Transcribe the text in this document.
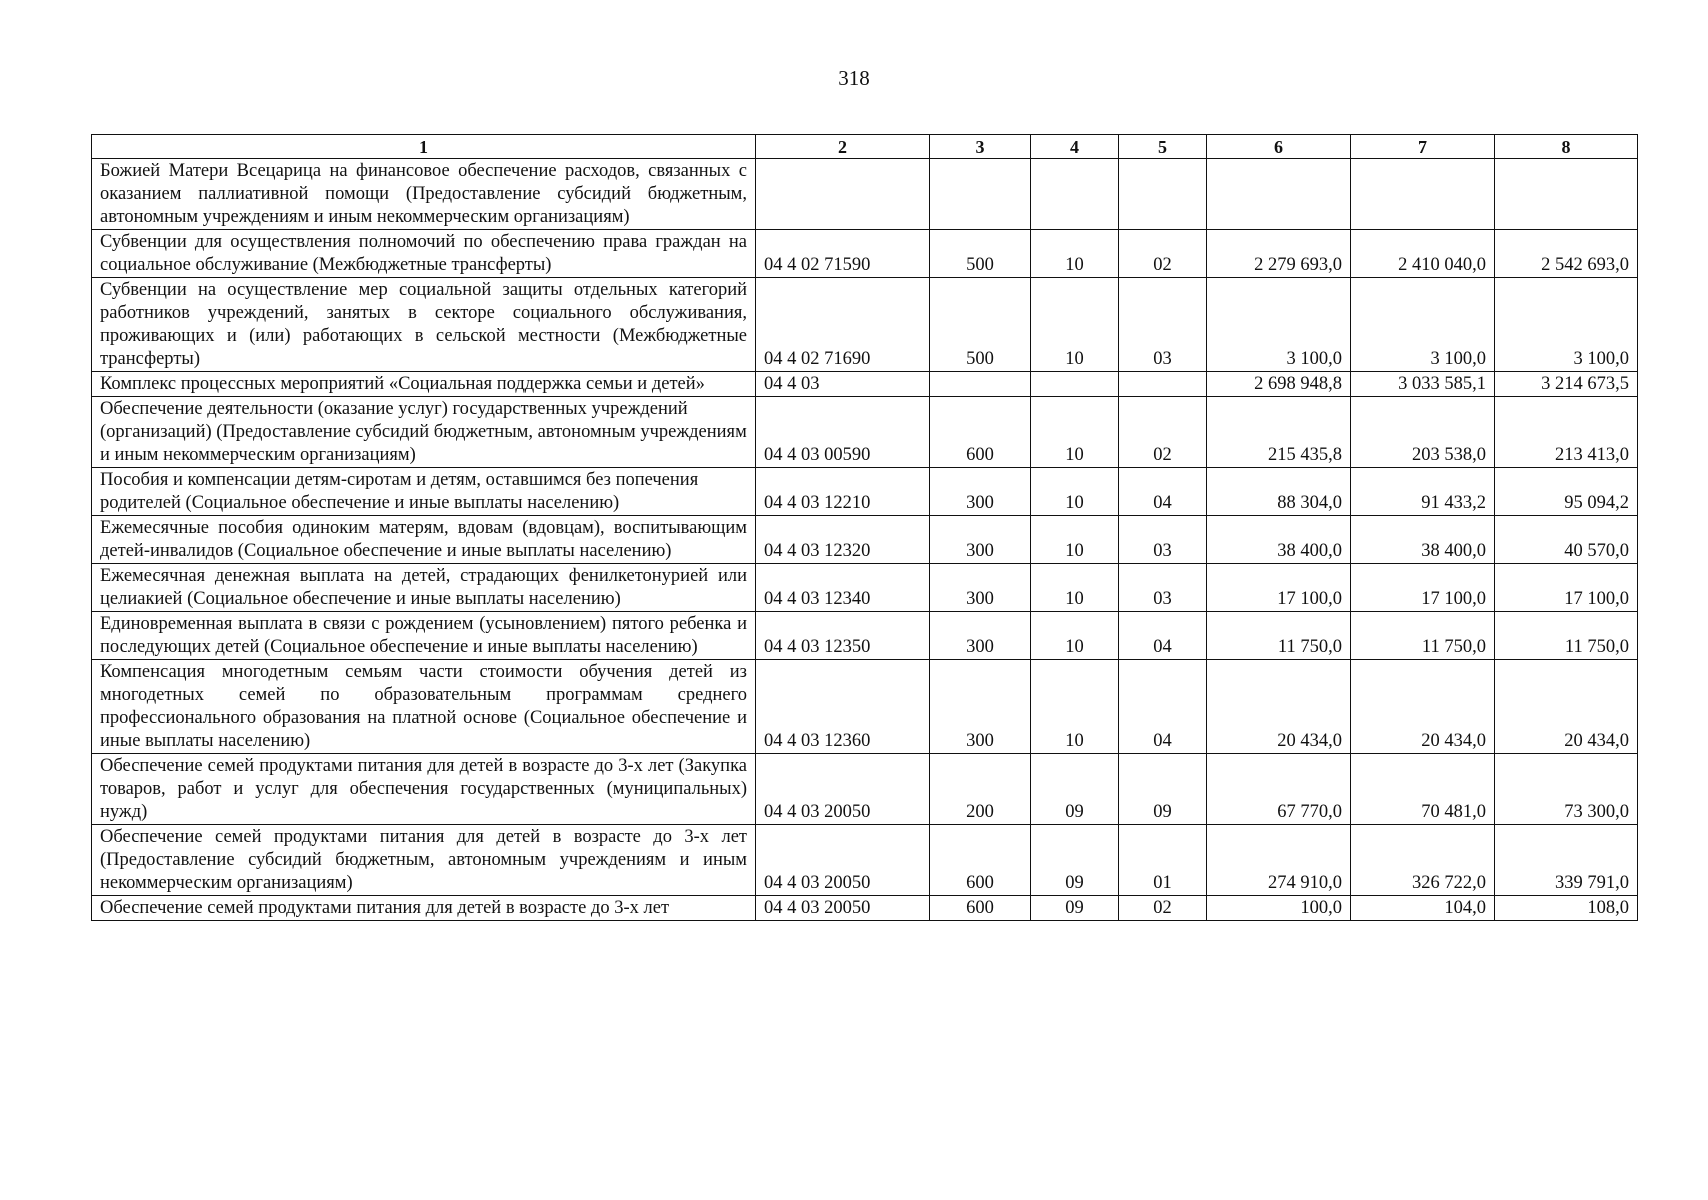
318
1	2	3	4	5	6	7	8
Божией Матери Всецарица на финансовое обеспечение расходов, связанных с оказанием паллиативной помощи (Предоставление субсидий бюджетным, автономным учреждениям и иным некоммерческим организациям)							
Субвенции для осуществления полномочий по обеспечению права граждан на социальное обслуживание (Межбюджетные трансферты)	04 4 02 71590	500	10	02	2 279 693,0	2 410 040,0	2 542 693,0
Субвенции на осуществление мер социальной защиты отдельных категорий работников учреждений, занятых в секторе социального обслуживания, проживающих и (или) работающих в сельской местности (Межбюджетные трансферты)	04 4 02 71690	500	10	03	3 100,0	3 100,0	3 100,0
Комплекс процессных мероприятий «Социальная поддержка семьи и детей»	04 4 03				2 698 948,8	3 033 585,1	3 214 673,5
Обеспечение деятельности (оказание услуг) государственных учреждений (организаций) (Предоставление субсидий бюджетным, автономным учреждениям и иным некоммерческим организациям)	04 4 03 00590	600	10	02	215 435,8	203 538,0	213 413,0
Пособия и компенсации детям-сиротам и детям, оставшимся без попечения родителей (Социальное обеспечение и иные выплаты населению)	04 4 03 12210	300	10	04	88 304,0	91 433,2	95 094,2
Ежемесячные пособия одиноким матерям, вдовам (вдовцам), воспитывающим детей-инвалидов (Социальное обеспечение и иные выплаты населению)	04 4 03 12320	300	10	03	38 400,0	38 400,0	40 570,0
Ежемесячная денежная выплата на детей, страдающих фенилкетонурией или целиакией (Социальное обеспечение и иные выплаты населению)	04 4 03 12340	300	10	03	17 100,0	17 100,0	17 100,0
Единовременная выплата в связи с рождением (усыновлением) пятого ребенка и последующих детей (Социальное обеспечение и иные выплаты населению)	04 4 03 12350	300	10	04	11 750,0	11 750,0	11 750,0
Компенсация многодетным семьям части стоимости обучения детей из многодетных семей по образовательным программам среднего профессионального образования на платной основе (Социальное обеспечение и иные выплаты населению)	04 4 03 12360	300	10	04	20 434,0	20 434,0	20 434,0
Обеспечение семей продуктами питания для детей в возрасте до 3-х лет (Закупка товаров, работ и услуг для обеспечения государственных (муниципальных) нужд)	04 4 03 20050	200	09	09	67 770,0	70 481,0	73 300,0
Обеспечение семей продуктами питания для детей в возрасте до 3-х лет (Предоставление субсидий бюджетным, автономным учреждениям и иным некоммерческим организациям)	04 4 03 20050	600	09	01	274 910,0	326 722,0	339 791,0
Обеспечение семей продуктами питания для детей в возрасте до 3-х лет	04 4 03 20050	600	09	02	100,0	104,0	108,0
